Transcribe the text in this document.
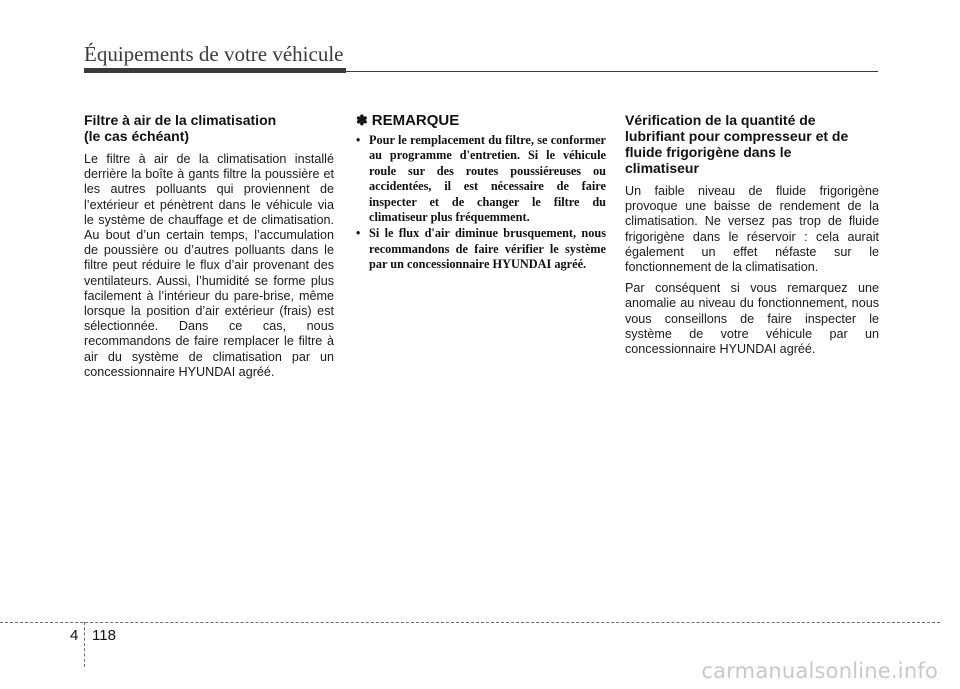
Équipements de votre véhicule
Filtre à air de la climatisation
(le cas échéant)

Le filtre à air de la climatisation installé derrière la boîte à gants filtre la poussière et les autres polluants qui proviennent de l’extérieur et pénètrent dans le véhicule via le système de chauffage et de climatisation. Au bout d’un certain temps, l’accumulation de poussière ou d’autres polluants dans le filtre peut réduire le flux d’air provenant des ventilateurs. Aussi, l’humidité se forme plus facilement à l’intérieur du pare-brise, même lorsque la position d’air extérieur (frais) est sélectionnée. Dans ce cas, nous recommandons de faire remplacer le filtre à air du système de climatisation par un concessionnaire HYUNDAI agréé.

✽ REMARQUE
• Pour le remplacement du filtre, se conformer au programme d'entretien. Si le véhicule roule sur des routes poussiéreuses ou accidentées, il est nécessaire de faire inspecter et de changer le filtre du climatiseur plus fréquemment.
• Si le flux d'air diminue brusquement, nous recommandons de faire vérifier le système par un concessionnaire HYUNDAI agréé.
Vérification de la quantité de
lubrifiant pour compresseur et de
fluide frigorigène dans le
climatiseur

Un faible niveau de fluide frigorigène provoque une baisse de rendement de la climatisation. Ne versez pas trop de fluide frigorigène dans le réservoir : cela aurait également un effet néfaste sur le fonctionnement de la climatisation.

Par conséquent si vous remarquez une anomalie au niveau du fonctionnement, nous vous conseillons de faire inspecter le système de votre véhicule par un concessionnaire HYUNDAI agréé.

4 118
carmanualsonline.info
